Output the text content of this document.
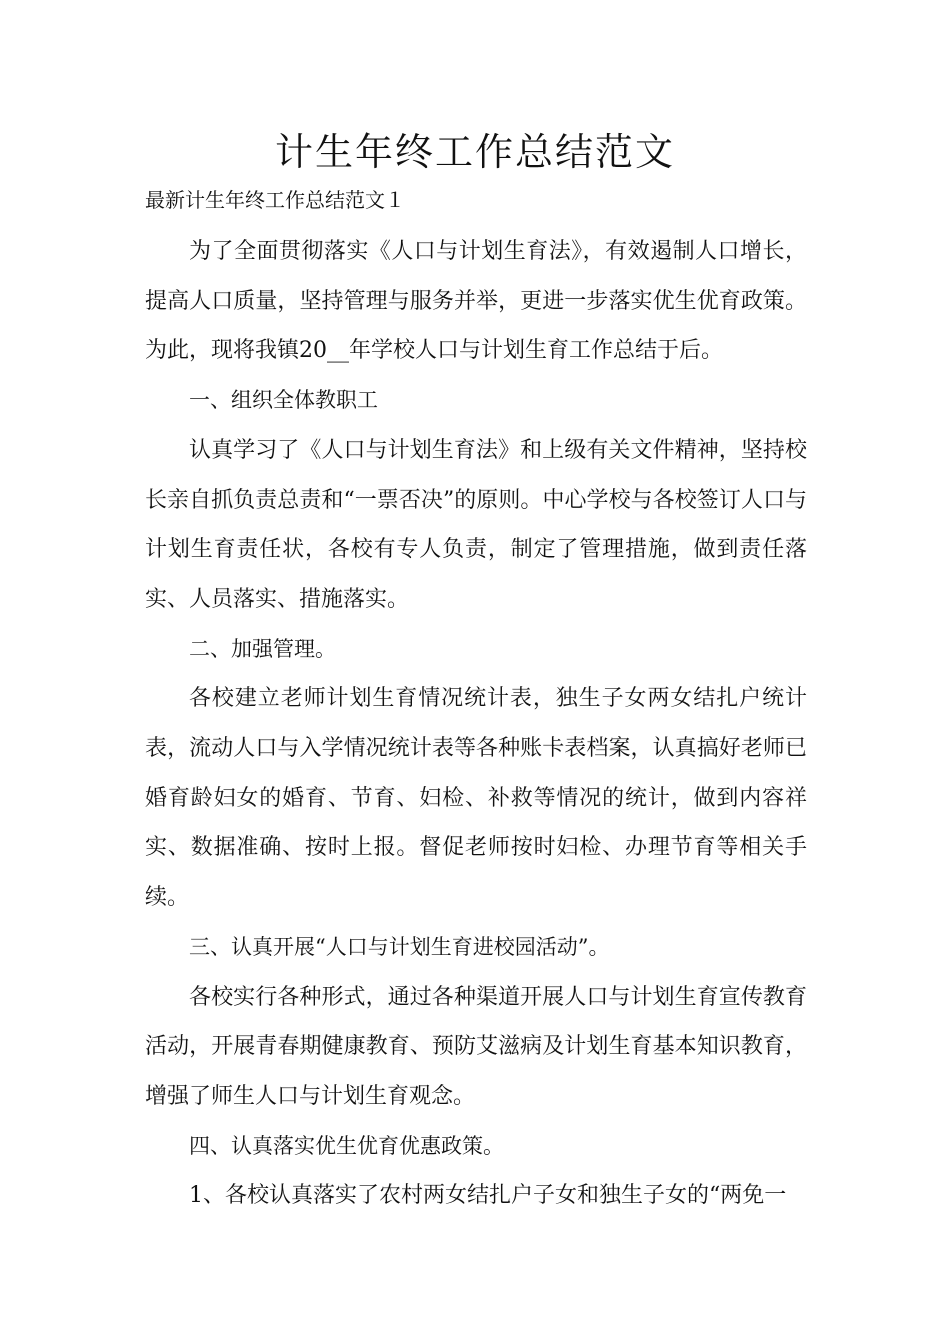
计生年终工作总结范文
最新计生年终工作总结范文１

为了全面贯彻落实《人口与计划生育法》，有效遏制人口增长，提高人口质量，坚持管理与服务并举，更进一步落实优生优育政策。为此，现将我镇20__年学校人口与计划生育工作总结于后。

一、组织全体教职工

认真学习了《人口与计划生育法》和上级有关文件精神，坚持校长亲自抓负责总责和“一票否决”的原则。中心学校与各校签订人口与计划生育责任状，各校有专人负责，制定了管理措施，做到责任落实、人员落实、措施落实。

二、加强管理。

各校建立老师计划生育情况统计表，独生子女两女结扎户统计表，流动人口与入学情况统计表等各种账卡表档案，认真搞好老师已婚育龄妇女的婚育、节育、妇检、补救等情况的统计，做到内容祥实、数据准确、按时上报。督促老师按时妇检、办理节育等相关手续。

三、认真开展“人口与计划生育进校园活动”。

各校实行各种形式，通过各种渠道开展人口与计划生育宣传教育活动，开展青春期健康教育、预防艾滋病及计划生育基本知识教育，增强了师生人口与计划生育观念。

四、认真落实优生优育优惠政策。

1、各校认真落实了农村两女结扎户子女和独生子女的“两免一
